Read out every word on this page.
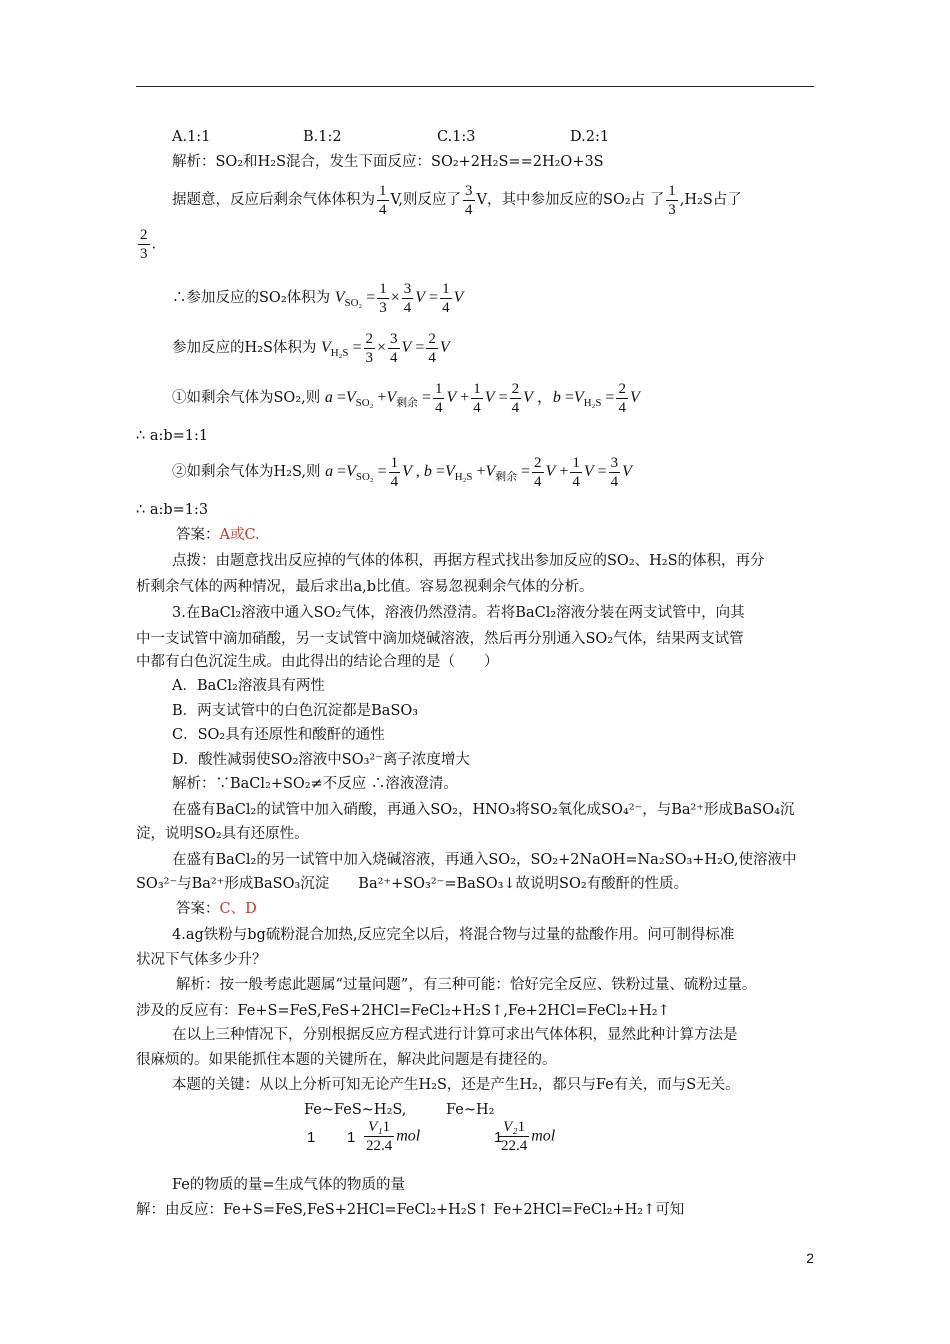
A.1:1	B.1:2	C.1:3	D.2:1
解析：SO₂和H₂S混合，发生下面反应：SO₂+2H₂S==2H₂O+3S
据题意，反应后剩余气体体积为 $\frac{1}{4} V$,则反应了 $\frac{3}{4}$ V，其中参加反应的SO₂占 了 $\frac{1}{3} ,H_2S$占了
$\frac{2}{3}$ .
∴参加反应的SO₂体积为 $V_{SO_2} = \frac{1}{3} \times \frac{3}{4}$ $V = \frac{1}{4}$ V
参加反应的H₂S体积为 $V_{H_2S} = \frac{2}{3} \times \frac{3}{4}$ $V = \frac{2}{4}$ V
①如剩余气体为SO₂,则 $a =V_{SO_2} +V_{剩余} = \frac{1}{4}$ $V + \frac{1}{4}$ $V = \frac{2}{4}$ V ，$b =V_{H_2S} = \frac{2}{4}$ V
∴ a:b=1:1
②如剩余气体为H₂S,则 $a =V_{SO_2} = \frac{1}{4}$ V , $b =V_{H_2S} +V_{剩余} = \frac{2}{4}$ $V + \frac{1}{4}$ $V = \frac{3}{4}$ V
∴ a:b=1:3
答案：A或C.
点拨：由题意找出反应掉的气体的体积，再据方程式找出参加反应的SO₂、H₂S的体积，再分
析剩余气体的两种情况，最后求出a,b比值。容易忽视剩余气体的分析。
3.在BaCl₂溶液中通入SO₂气体，溶液仍然澄清。若将BaCl₂溶液分装在两支试管中，向其
中一支试管中滴加硝酸，另一支试管中滴加烧碱溶液，然后再分别通入SO₂气体，结果两支试管
中都有白色沉淀生成。由此得出的结论合理的是（　　）
A．BaCl₂溶液具有两性
B．两支试管中的白色沉淀都是BaSO₃
C．SO₂具有还原性和酸酐的通性
D．酸性减弱使SO₂溶液中SO₃²⁻离子浓度增大
解析：∵BaCl₂+SO₂≠不反应 ∴溶液澄清。
在盛有BaCl₂的试管中加入硝酸，再通入SO₂，HNO₃将SO₂氧化成SO₄²⁻，与Ba²⁺形成BaSO₄沉
淀，说明SO₂具有还原性。
在盛有BaCl₂的另一试管中加入烧碱溶液，再通入SO₂，SO₂+2NaOH=Na₂SO₃+H₂O,使溶液中
SO₃²⁻与Ba²⁺形成BaSO₃沉淀　　Ba²⁺+SO₃²⁻=BaSO₃↓故说明SO₂有酸酐的性质。
答案：C、D
4.ag铁粉与bg硫粉混合加热,反应完全以后，将混合物与过量的盐酸作用。问可制得标准
状况下气体多少升？
解析：按一般考虑此题属“过量问题”，有三种可能：恰好完全反应、铁粉过量、硫粉过量。
涉及的反应有：Fe+S=FeS,FeS+2HCl=FeCl₂+H₂S↑,Fe+2HCl=FeCl₂+H₂↑
在以上三种情况下，分别根据反应方程式进行计算可求出气体体积，显然此种计算方法是
很麻烦的。如果能抓住本题的关键所在，解决此问题是有捷径的。
本题的关键：从以上分析可知无论产生H₂S，还是产生H₂，都只与Fe有关，而与S无关。
Fe~FeS~H₂S,	Fe~H₂
1 $1 \frac{\text{V₁1}}{22.4}$ mol	1
$\frac{\text{V₂1}}{22.4}$ mol
Fe的物质的量=生成气体的物质的量
解：由反应：Fe+S=FeS,FeS+2HCl=FeCl₂+H₂S↑ Fe+2HCl=FeCl₂+H₂↑可知
2
